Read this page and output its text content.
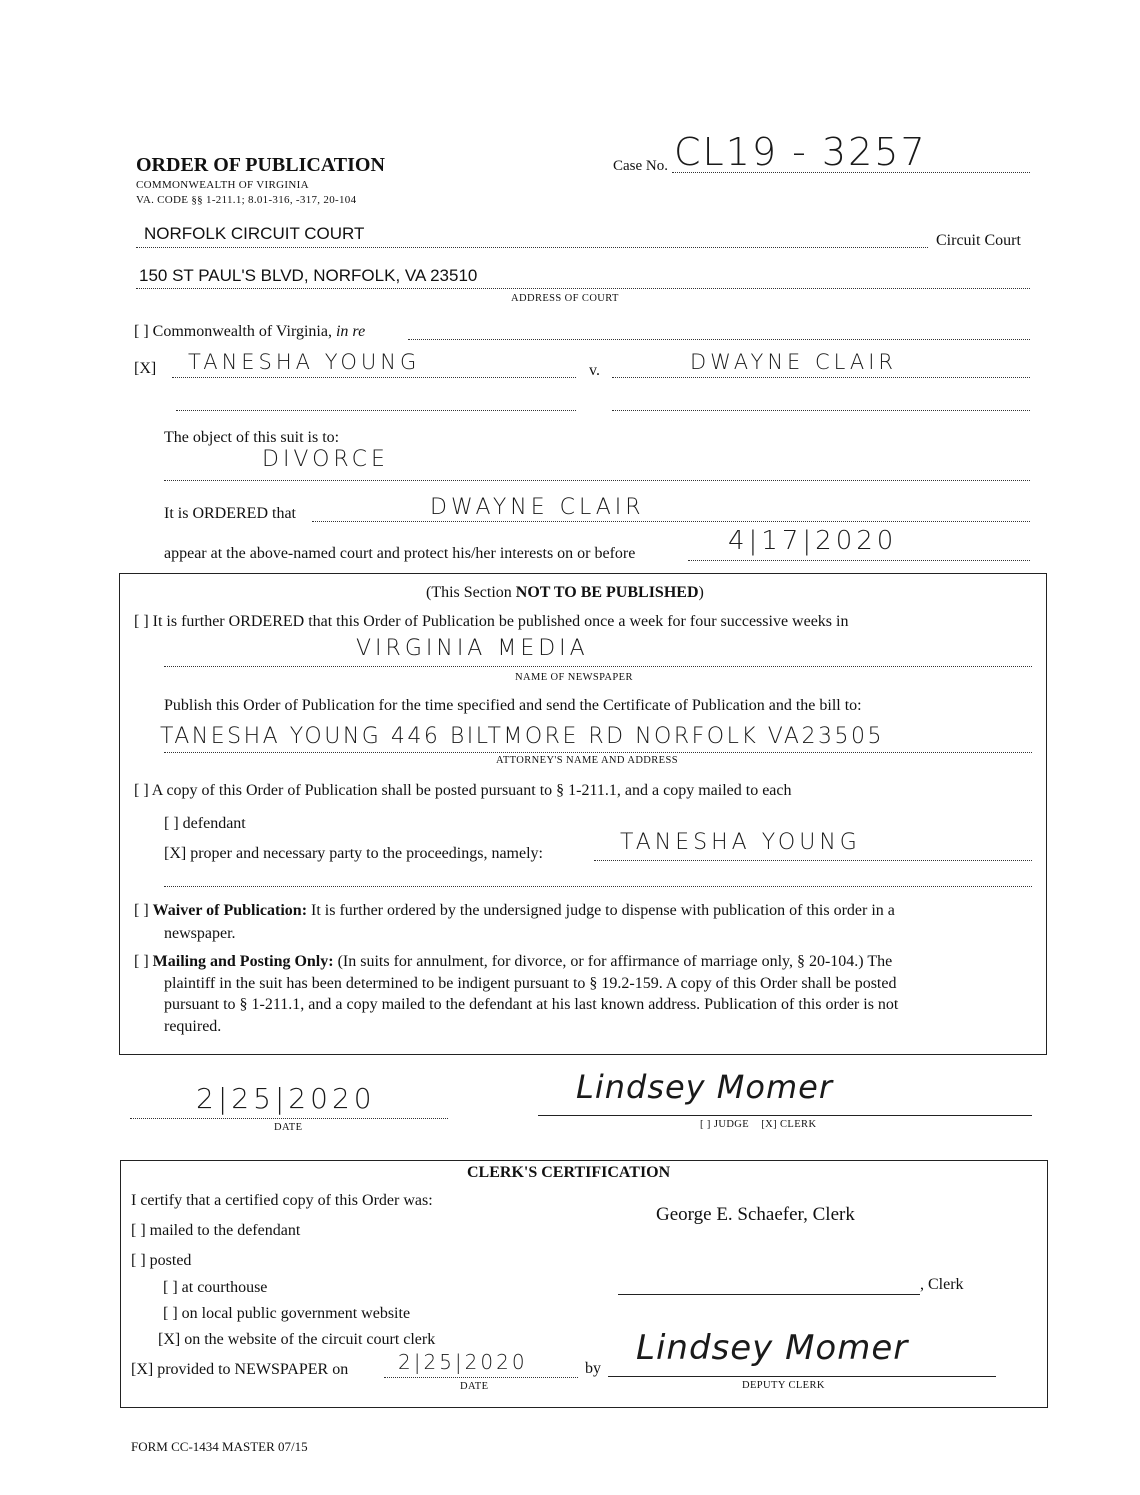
ORDER OF PUBLICATION
COMMONWEALTH OF VIRGINIA
VA. CODE §§ 1-211.1; 8.01-316, -317, 20-104
Case No. CL19 - 3257
NORFOLK CIRCUIT COURT	Circuit Court
150 ST PAUL'S BLVD, NORFOLK, VA 23510
ADDRESS OF COURT
[ ] Commonwealth of Virginia, in re
[X] TANESHA YOUNG	v.	DWAYNE CLAIR
The object of this suit is to:
DIVORCE
It is ORDERED that	DWAYNE CLAIR
appear at the above-named court and protect his/her interests on or before	4|17|2020
(This Section NOT TO BE PUBLISHED)
[ ] It is further ORDERED that this Order of Publication be published once a week for four successive weeks in
VIRGINIA MEDIA
NAME OF NEWSPAPER
Publish this Order of Publication for the time specified and send the Certificate of Publication and the bill to:
TANESHA YOUNG 446 BILTMORE RD NORFOLK VA23505
ATTORNEY'S NAME AND ADDRESS
[ ] A copy of this Order of Publication shall be posted pursuant to § 1-211.1, and a copy mailed to each
[ ] defendant
[X] proper and necessary party to the proceedings, namely:	TANESHA YOUNG
[ ] Waiver of Publication: It is further ordered by the undersigned judge to dispense with publication of this order in a
newspaper.
[ ] Mailing and Posting Only: (In suits for annulment, for divorce, or for affirmance of marriage only, § 20-104.) The
plaintiff in the suit has been determined to be indigent pursuant to § 19.2-159. A copy of this Order shall be posted
pursuant to § 1-211.1, and a copy mailed to the defendant at his last known address. Publication of this order is not
required.
2|25|2020
DATE
Lindsey Momer
[ ] JUDGE [X] CLERK
CLERK'S CERTIFICATION
I certify that a certified copy of this Order was:
George E. Schaefer, Clerk
[ ] mailed to the defendant
[ ] posted
[ ] at courthouse	, Clerk
[ ] on local public government website
[X] on the website of the circuit court clerk
[X] provided to NEWSPAPER on 2|25|2020
DATE
by
Lindsey Momer
DEPUTY CLERK
FORM CC-1434 MASTER 07/15
